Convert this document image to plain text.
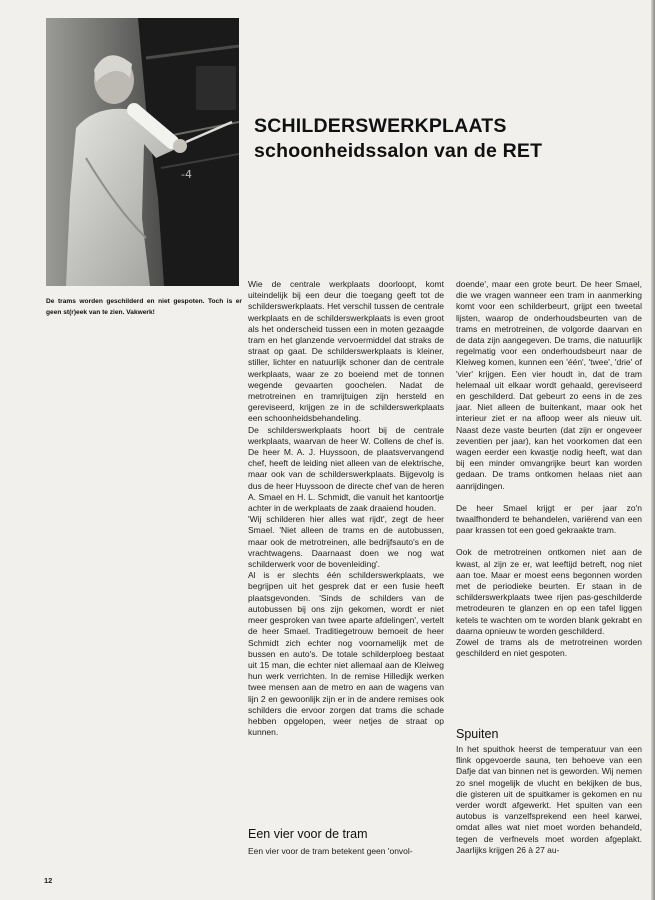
-4
De trams worden geschilderd en niet gespoten. Toch is er geen st(r)eek van te zien. Vakwerk!
SCHILDERSWERKPLAATS
schoonheidssalon van de RET

Wie de centrale werkplaats doorloopt, komt uiteindelijk bij een deur die toegang geeft tot de schilderswerkplaats. Het verschil tussen de centrale werkplaats en de schilderswerkplaats is even groot als het onderscheid tussen een in moten gezaagde tram en het glanzende vervoermiddel dat straks de straat op gaat. De schilderswerkplaats is kleiner, stiller, lichter en natuurlijk schoner dan de centrale werkplaats, waar ze zo boeiend met de tonnen wegende gevaarten goochelen. Nadat de metrotreinen en tramrijtuigen zijn hersteld en gereviseerd, krijgen ze in de schilderswerkplaats een schoonheidsbehandeling.

De schilderswerkplaats hoort bij de centrale werkplaats, waarvan de heer W. Collens de chef is. De heer M. A. J. Huyssoon, de plaatsvervangend chef, heeft de leiding niet alleen van de elektrische, maar ook van de schilderswerkplaats. Bijgevolg is dus de heer Huyssoon de directe chef van de heren A. Smael en H. L. Schmidt, die vanuit het kantoortje achter in de werkplaats de zaak draaiend houden.

'Wij schilderen hier alles wat rijdt', zegt de heer Smael. 'Niet alleen de trams en de autobussen, maar ook de metrotreinen, alle bedrijfsauto's en de vrachtwagens. Daarnaast doen we nog wat schilderwerk voor de bovenleiding'.

Al is er slechts één schilderswerkplaats, we begrijpen uit het gesprek dat er een fusie heeft plaatsgevonden. 'Sinds de schilders van de autobussen bij ons zijn gekomen, wordt er niet meer gesproken van twee aparte afdelingen', vertelt de heer Smael. Traditiegetrouw bemoeit de heer Schmidt zich echter nog voornamelijk met de bussen en auto's. De totale schilderploeg bestaat uit 15 man, die echter niet allemaal aan de Kleiweg hun werk verrichten. In de remise Hilledijk werken twee mensen aan de metro en aan de wagens van lijn 2 en gewoonlijk zijn er in de andere remises ook schilders die ervoor zorgen dat trams die schade hebben opgelopen, weer netjes de straat op kunnen.

Een vier voor de tram

Een vier voor de tram betekent geen 'onvol-

doende', maar een grote beurt. De heer Smael, die we vragen wanneer een tram in aanmerking komt voor een schilderbeurt, grijpt een tweetal lijsten, waarop de onderhoudsbeurten van de trams en metrotreinen, de volgorde daarvan en de data zijn aangegeven. De trams, die natuurlijk regelmatig voor een onderhoudsbeurt naar de Kleiweg komen, kunnen een 'één', 'twee', 'drie' of 'vier' krijgen. Een vier houdt in, dat de tram helemaal uit elkaar wordt gehaald, gereviseerd en geschilderd. Dat gebeurt zo eens in de zes jaar. Niet alleen de buitenkant, maar ook het interieur ziet er na afloop weer als nieuw uit. Naast deze vaste beurten (dat zijn er ongeveer zeventien per jaar), kan het voorkomen dat een wagen eerder een kwastje nodig heeft, wat dan bij een minder omvangrijke beurt kan worden gedaan. De trams ontkomen helaas niet aan aanrijdingen.

De heer Smael krijgt er per jaar zo'n twaalfhonderd te behandelen, variërend van een paar krassen tot een goed gekraakte tram.

Ook de metrotreinen ontkomen niet aan de kwast, al zijn ze er, wat leeftijd betreft, nog niet aan toe. Maar er moest eens begonnen worden met de periodieke beurten. Er staan in de schilderswerkplaats twee rijen pas-geschilderde metrodeuren te glanzen en op een tafel liggen ketels te wachten om te worden blank gekrabt en daarna opnieuw te worden geschilderd.
Zowel de trams als de metrotreinen worden geschilderd en niet gespoten.

Spuiten

In het spuithok heerst de temperatuur van een flink opgevoerde sauna, ten behoeve van een Dafje dat van binnen net is geworden. Wij nemen zo snel mogelijk de vlucht en bekijken de bus, die gisteren uit de spuitkamer is gekomen en nu verder wordt afgewerkt. Het spuiten van een autobus is vanzelfsprekend een heel karwei, omdat alles wat niet moet worden behandeld, tegen de verfnevels moet worden afgeplakt. Jaarlijks krijgen 26 à 27 au-

12
